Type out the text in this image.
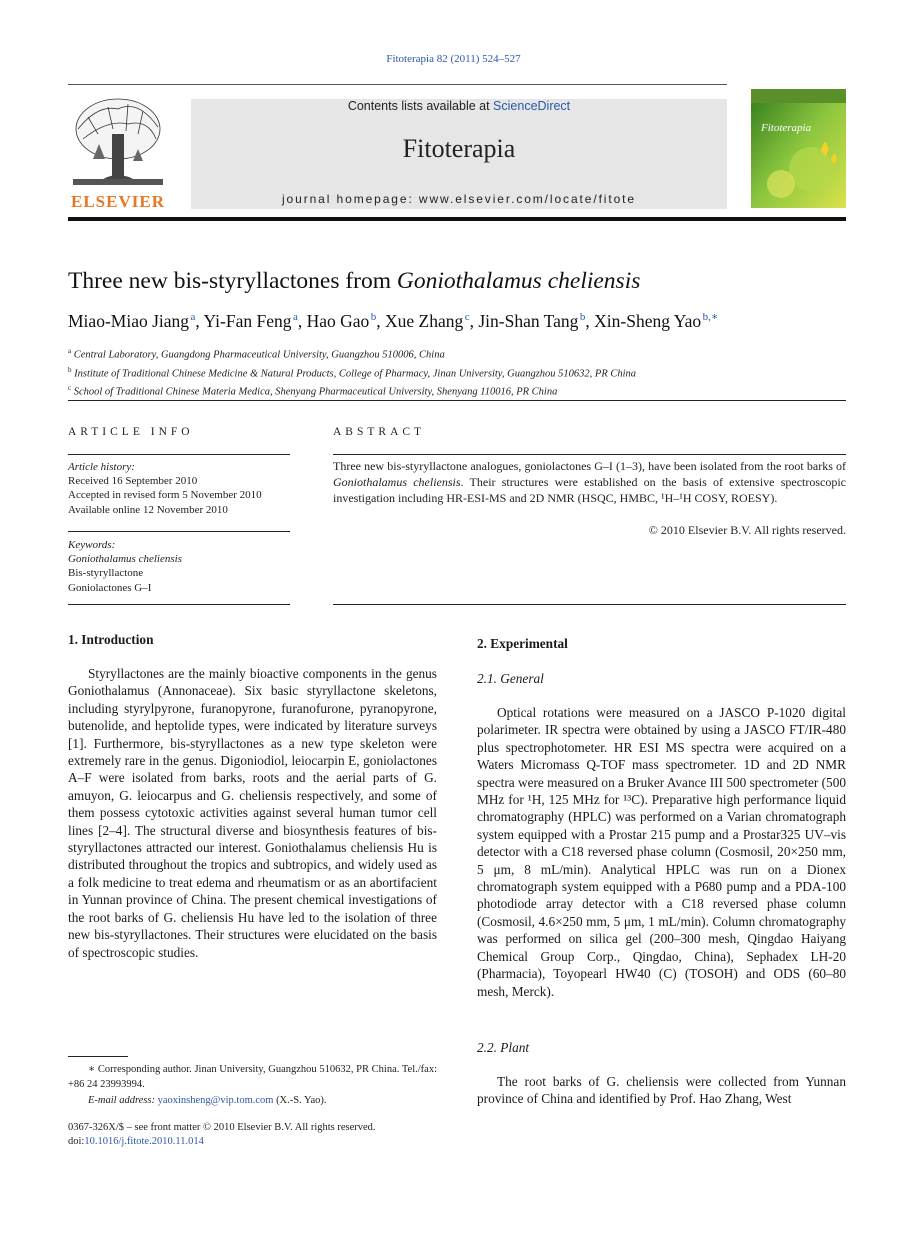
Fitoterapia 82 (2011) 524–527
ELSEVIER
Contents lists available at ScienceDirect
Fitoterapia
journal homepage: www.elsevier.com/locate/fitote
Fitoterapia
Three new bis-styryllactones from Goniothalamus cheliensis
Miao-Miao Jiang $^a$, Yi-Fan Feng $^a$, Hao Gao $^b$, Xue Zhang $^c$, Jin-Shan Tang $^b$, Xin-Sheng Yao $^{b,∗}$
$^a$ Central Laboratory, Guangdong Pharmaceutical University, Guangzhou 510006, China
$^b$ Institute of Traditional Chinese Medicine & Natural Products, College of Pharmacy, Jinan University, Guangzhou 510632, PR China
$^c$ School of Traditional Chinese Materia Medica, Shenyang Pharmaceutical University, Shenyang 110016, PR China
ARTICLE INFO
Article history:
Received 16 September 2010
Accepted in revised form 5 November 2010
Available online 12 November 2010
Keywords:
Goniothalamus cheliensis
Bis-styryllactone
Goniolactones G–I
ABSTRACT
Three new bis-styryllactone analogues, goniolactones G–I (1–3), have been isolated from the root barks of Goniothalamus cheliensis. Their structures were established on the basis of extensive spectroscopic investigation including HR-ESI-MS and 2D NMR (HSQC, HMBC, ¹H–¹H COSY, ROESY).
© 2010 Elsevier B.V. All rights reserved.
1. Introduction
Styryllactones are the mainly bioactive components in the genus Goniothalamus (Annonaceae). Six basic styryllactone skeletons, including styrylpyrone, furanopyrone, furanofurone, pyranopyrone, butenolide, and heptolide types, were indicated by literature surveys [1]. Furthermore, bis-styryllactones as a new type skeleton were extremely rare in the genus. Digoniodiol, leiocarpin E, goniolactones A–F were isolated from barks, roots and the aerial parts of G. amuyon, G. leiocarpus and G. cheliensis respectively, and some of them possess cytotoxic activities against several human tumor cell lines [2–4]. The structural diverse and biosynthesis features of bis-styryllactones attracted our interest. Goniothalamus cheliensis Hu is distributed throughout the tropics and subtropics, and widely used as a folk medicine to treat edema and rheumatism or as an abortifacient in Yunnan province of China. The present chemical investigations of the root barks of G. cheliensis Hu have led to the isolation of three new bis-styryllactones. Their structures were elucidated on the basis of spectroscopic studies.
2. Experimental
2.1. General
Optical rotations were measured on a JASCO P-1020 digital polarimeter. IR spectra were obtained by using a JASCO FT/IR-480 plus spectrophotometer. HR ESI MS spectra were acquired on a Waters Micromass Q-TOF mass spectrometer. 1D and 2D NMR spectra were measured on a Bruker Avance III 500 spectrometer (500 MHz for ¹H, 125 MHz for ¹³C). Preparative high performance liquid chromatography (HPLC) was performed on a Varian chromatograph system equipped with a Prostar 215 pump and a Prostar325 UV–vis detector with a C18 reversed phase column (Cosmosil, 20×250 mm, 5 μm, 8 mL/min). Analytical HPLC was run on a Dionex chromatograph system equipped with a P680 pump and a PDA-100 photodiode array detector with a C18 reversed phase column (Cosmosil, 4.6×250 mm, 5 μm, 1 mL/min). Column chromatography was performed on silica gel (200–300 mesh, Qingdao Haiyang Chemical Group Corp., Qingdao, China), Sephadex LH-20 (Pharmacia), Toyopearl HW40 (C) (TOSOH) and ODS (60–80 mesh, Merck).
2.2. Plant
The root barks of G. cheliensis were collected from Yunnan province of China and identified by Prof. Hao Zhang, West
∗ Corresponding author. Jinan University, Guangzhou 510632, PR China. Tel./fax: +86 24 23993994.
E-mail address: yaoxinsheng@vip.tom.com (X.-S. Yao).
0367-326X/$ – see front matter © 2010 Elsevier B.V. All rights reserved.
doi:10.1016/j.fitote.2010.11.014
